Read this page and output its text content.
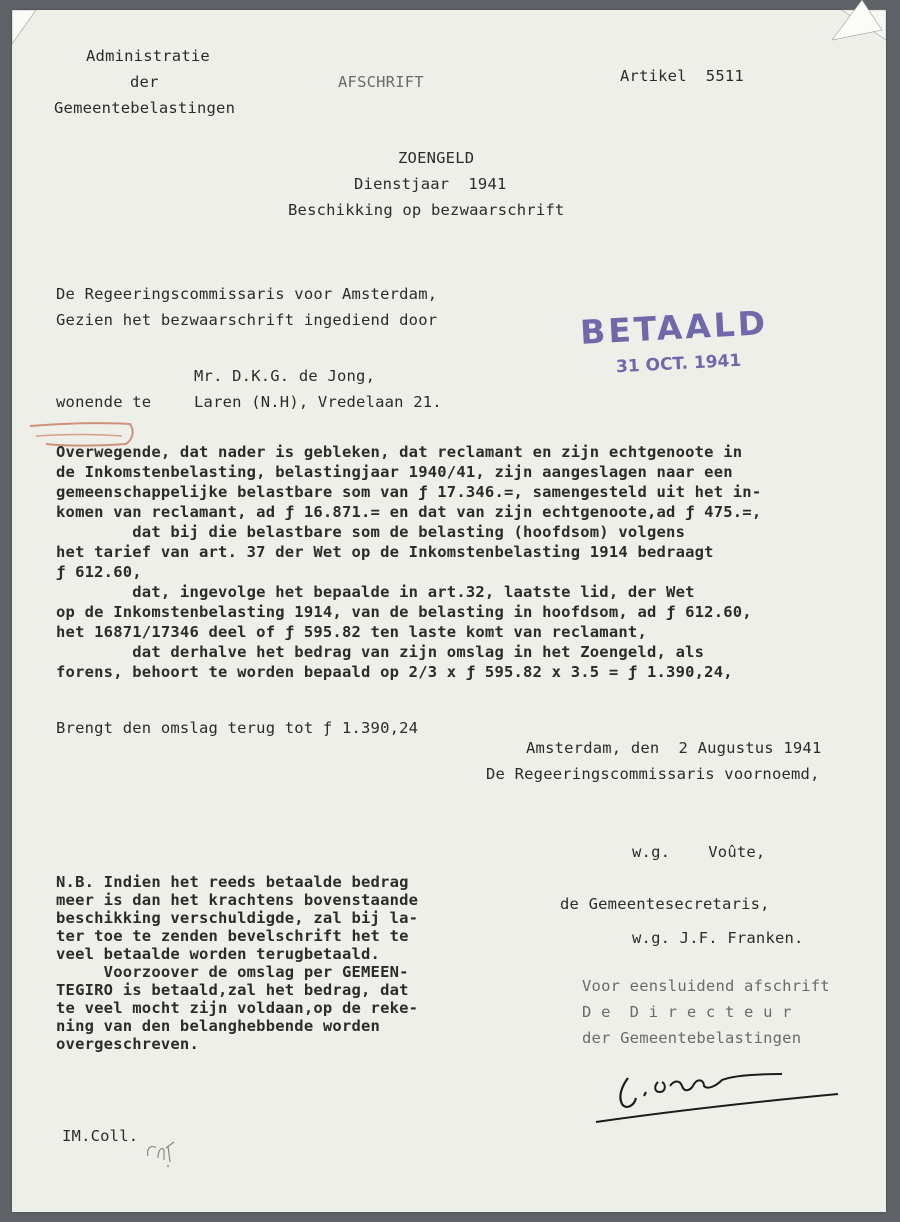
Administratie
der
Gemeentebelastingen
AFSCHRIFT	Artikel  5511
ZOENGELD
Dienstjaar  1941
Beschikking op bezwaarschrift
BETAALD
31 OCT. 1941
De Regeeringscommissaris voor Amsterdam,
Gezien het bezwaarschrift ingediend door
Mr. D.K.G. de Jong,
wonende te	Laren (N.H), Vredelaan 21.
Overwegende, dat nader is gebleken, dat reclamant en zijn echtgenoote in
de Inkomstenbelasting, belastingjaar 1940/41, zijn aangeslagen naar een
gemeenschappelijke belastbare som van ƒ 17.346.=, samengesteld uit het in-
komen van reclamant, ad ƒ 16.871.= en dat van zijn echtgenoote,ad ƒ 475.=,
dat bij die belastbare som de belasting (hoofdsom) volgens
het tarief van art. 37 der Wet op de Inkomstenbelasting 1914 bedraagt
ƒ 612.60,
dat, ingevolge het bepaalde in art.32, laatste lid, der Wet
op de Inkomstenbelasting 1914, van de belasting in hoofdsom, ad ƒ 612.60,
het 16871/17346 deel of ƒ 595.82 ten laste komt van reclamant,
dat derhalve het bedrag van zijn omslag in het Zoengeld, als
forens, behoort te worden bepaald op 2/3 x ƒ 595.82 x 3.5 = ƒ 1.390,24,
Brengt den omslag terug tot ƒ 1.390,24
Amsterdam, den  2 Augustus 1941
De Regeeringscommissaris voornoemd,
w.g.    Voûte,
de Gemeentesecretaris,
w.g. J.F. Franken.
Voor eensluidend afschrift
D e  D i r e c t e u r
der Gemeentebelastingen
N.B. Indien het reeds betaalde bedrag
meer is dan het krachtens bovenstaande
beschikking verschuldigde, zal bij la-
ter toe te zenden bevelschrift het te
veel betaalde worden terugbetaald.
Voorzoover de omslag per GEMEEN-
TEGIRO is betaald,zal het bedrag, dat
te veel mocht zijn voldaan,op de reke-
ning van den belanghebbende worden
overgeschreven.
IM.Coll.
